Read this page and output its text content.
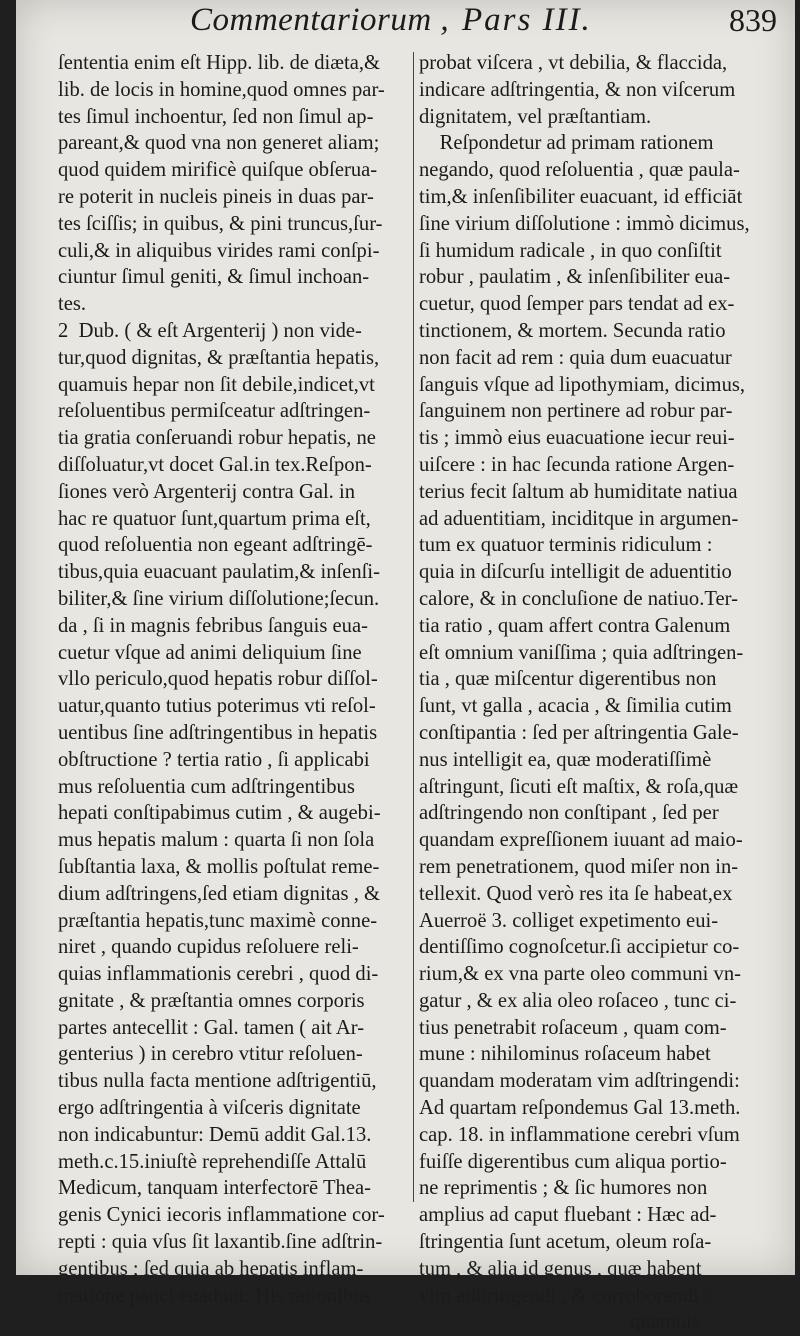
Commentariorum , Pars III.	839
ſententia enim eſt Hipp. lib. de diæta,&
lib. de locis in homine,quod omnes par-
tes ſimul inchoentur, ſed non ſimul ap-
pareant,& quod vna non generet aliam;
quod quidem mirificè quiſque obſerua-
re poterit in nucleis pineis in duas par-
tes ſciſſis; in quibus, & pini truncus,ſur-
culi,& in aliquibus virides rami conſpi-
ciuntur ſimul geniti, & ſimul inchoan-
tes.
2  Dub. ( & eſt Argenterij ) non vide-
tur,quod dignitas, & præſtantia hepatis,
quamuis hepar non ſit debile,indicet,vt
reſoluentibus permiſceatur adſtringen-
tia gratia conſeruandi robur hepatis, ne
diſſoluatur,vt docet Gal.in tex.Reſpon-
ſiones verò Argenterij contra Gal. in
hac re quatuor ſunt,quartum prima eſt,
quod reſoluentia non egeant adſtringē-
tibus,quia euacuant paulatim,& inſenſi-
biliter,& ſine virium diſſolutione;ſecun.
da , ſi in magnis febribus ſanguis eua-
cuetur vſque ad animi deliquium ſine
vllo periculo,quod hepatis robur diſſol-
uatur,quanto tutius poterimus vti reſol-
uentibus ſine adſtringentibus in hepatis
obſtructione ? tertia ratio , ſi applicabi
mus reſoluentia cum adſtringentibus
hepati conſtipabimus cutim , & augebi-
mus hepatis malum : quarta ſi non ſola
ſubſtantia laxa, & mollis poſtulat reme-
dium adſtringens,ſed etiam dignitas , &
præſtantia hepatis,tunc maximè conne-
niret , quando cupidus reſoluere reli-
quias inflammationis cerebri , quod di-
gnitate , & præſtantia omnes corporis
partes antecellit : Gal. tamen ( ait Ar-
genterius ) in cerebro vtitur reſoluen-
tibus nulla facta mentione adſtrigentiū,
ergo adſtringentia à viſceris dignitate
non indicabuntur: Demū addit Gal.13.
meth.c.15.iniuſtè reprehendiſſe Attalū
Medicum, tanquam interfectorē Thea-
genis Cynici iecoris inflammatione cor-
repti : quia vſus ſit laxantib.ſine adſtrin-
gentibus ; ſed quia ab hepatis inflam-
matione pauci euadunt: His rationibus
probat viſcera , vt debilia, & flaccida,
indicare adſtringentia, & non viſcerum
dignitatem, vel præſtantiam.
Reſpondetur ad primam rationem
negando, quod reſoluentia , quæ paula-
tim,& inſenſibiliter euacuant, id efficiāt
ſine virium diſſolutione : immò dicimus,
ſi humidum radicale , in quo conſiſtit
robur , paulatim , & inſenſibiliter eua-
cuetur, quod ſemper pars tendat ad ex-
tinctionem, & mortem. Secunda ratio
non facit ad rem : quia dum euacuatur
ſanguis vſque ad lipothymiam, dicimus,
ſanguinem non pertinere ad robur par-
tis ; immò eius euacuatione iecur reui-
uiſcere : in hac ſecunda ratione Argen-
terius fecit ſaltum ab humiditate natiua
ad aduentitiam, inciditque in argumen-
tum ex quatuor terminis ridiculum :
quia in diſcurſu intelligit de aduentitio
calore, & in concluſione de natiuo.Ter-
tia ratio , quam affert contra Galenum
eſt omnium vaniſſima ; quia adſtringen-
tia , quæ miſcentur digerentibus non
ſunt, vt galla , acacia , & ſimilia cutim
conſtipantia : ſed per aſtringentia Gale-
nus intelligit ea, quæ moderatiſſimè
aſtringunt, ſicuti eſt maſtix, & roſa,quæ
adſtringendo non conſtipant , ſed per
quandam expreſſionem iuuant ad maio-
rem penetrationem, quod miſer non in-
tellexit. Quod verò res ita ſe habeat,ex
Auerroë 3. colliget expetimento eui-
dentiſſimo cognoſcetur.ſi accipietur co-
rium,& ex vna parte oleo communi vn-
gatur , & ex alia oleo roſaceo , tunc ci-
tius penetrabit roſaceum , quam com-
mune : nihilominus roſaceum habet
quandam moderatam vim adſtringendi:
Ad quartam reſpondemus Gal 13.meth.
cap. 18. in inflammatione cerebri vſum
fuiſſe digerentibus cum aliqua portio-
ne reprimentis ; & ſic humores non
amplius ad caput fluebant : Hæc ad-
ſtringentia ſunt acetum, oleum roſa-
tum , & alia id genus , quæ habent
vim adſtringendi , & corroborandi :
quamuis
